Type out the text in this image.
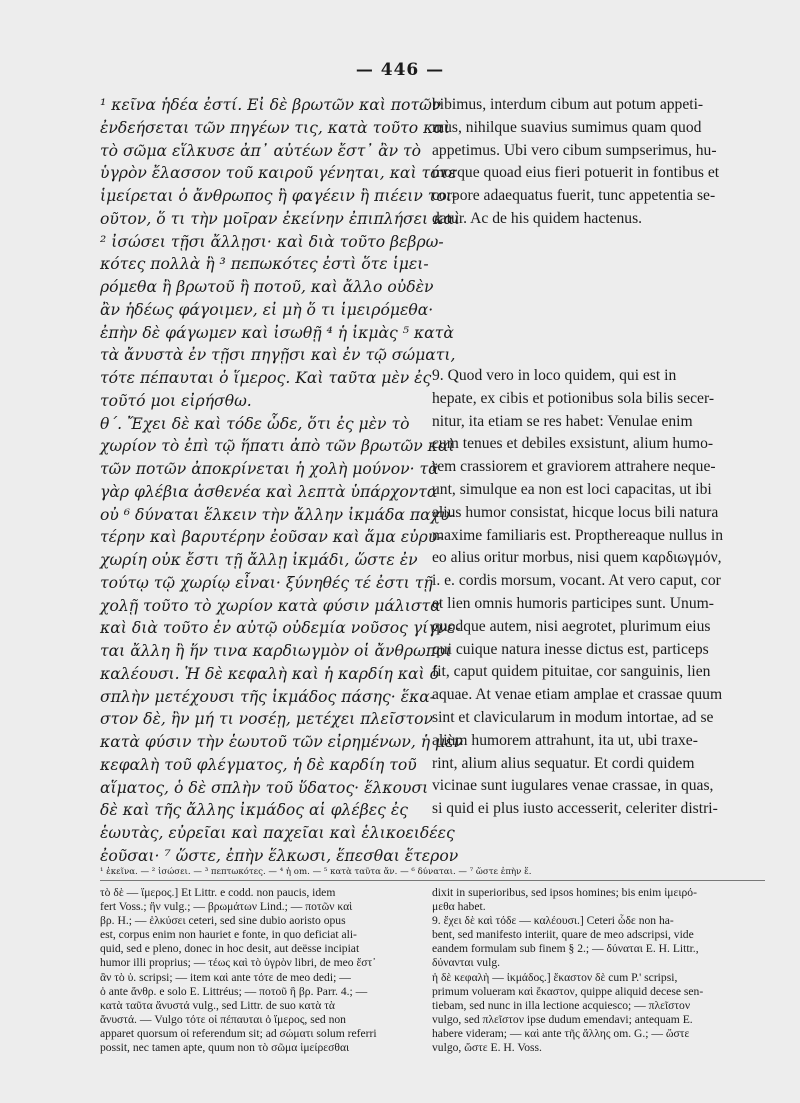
— 446 —
¹ κεῖνα ἡδέα ἐστί. Εἰ δὲ βρωτῶν καὶ ποτῶν
ἐνδεήσεται τῶν πηγέων τις, κατὰ τοῦτο καὶ
τὸ σῶμα εἵλκυσε ἀπ᾽ αὐτέων ἔστ᾽ ἂν τὸ
ὑγρὸν ἔλασσον τοῦ καιροῦ γένηται, καὶ τότε
ἱμείρεται ὁ ἄνθρωπος ἢ φαγέειν ἢ πιέειν τοι-
οῦτον, ὅ τι τὴν μοῖραν ἐκείνην ἐπιπλήσει καὶ
² ἰσώσει τῇσι ἄλλῃσι· καὶ διὰ τοῦτο βεβρω-
κότες πολλὰ ἢ ³ πεπωκότες ἐστὶ ὅτε ἱμει-
ρόμεθα ἢ βρωτοῦ ἢ ποτοῦ, καὶ ἄλλο οὐδὲν
ἂν ἡδέως φάγοιμεν, εἰ μὴ ὅ τι ἱμειρόμεθα·
ἐπὴν δὲ φάγωμεν καὶ ἰσωθῇ ⁴ ἡ ἰκμὰς ⁵ κατὰ
τὰ ἄνυστὰ ἐν τῇσι πηγῇσι καὶ ἐν τῷ σώματι,
τότε πέπαυται ὁ ἵμερος. Καὶ ταῦτα μὲν ἐς
τοῦτό μοι εἰρήσθω.
θ΄. Ἔχει δὲ καὶ τόδε ὧδε, ὅτι ἐς μὲν τὸ
χωρίον τὸ ἐπὶ τῷ ἥπατι ἀπὸ τῶν βρωτῶν καὶ
τῶν ποτῶν ἀποκρίνεται ἡ χολὴ μούνον· τὰ
γὰρ φλέβια ἀσθενέα καὶ λεπτὰ ὑπάρχοντα
οὐ ⁶ δύναται ἕλκειν τὴν ἄλλην ἰκμάδα παχυ-
τέρην καὶ βαρυτέρην ἐοῦσαν καὶ ἅμα εὐρυ-
χωρίη οὐκ ἔστι τῇ ἄλλῃ ἰκμάδι, ὥστε ἐν
τούτῳ τῷ χωρίῳ εἶναι· ξύνηθές τέ ἐστι τῇ
χολῇ τοῦτο τὸ χωρίον κατὰ φύσιν μάλιστα
καὶ διὰ τοῦτο ἐν αὐτῷ οὐδεμία νοῦσος γίγνε-
ται ἄλλη ἢ ἥν τινα καρδιωγμὸν οἱ ἄνθρωποι
καλέουσι. Ἡ δὲ κεφαλὴ καὶ ἡ καρδίη καὶ ὁ
σπλὴν μετέχουσι τῆς ἰκμάδος πάσης· ἕκα-
στον δὲ, ἢν μή τι νοσέῃ, μετέχει πλεῖστον
κατὰ φύσιν τὴν ἑωυτοῦ τῶν εἰρημένων, ἡ μὲν
κεφαλὴ τοῦ φλέγματος, ἡ δὲ καρδίη τοῦ
αἵματος, ὁ δὲ σπλὴν τοῦ ὕδατος· ἕλκουσι
δὲ καὶ τῆς ἄλλης ἰκμάδος αἱ φλέβες ἐς
ἑωυτὰς, εὐρεῖαι καὶ παχεῖαι καὶ ἑλικοειδέες
ἐοῦσαι· ⁷ ὥστε, ἐπὴν ἕλκωσι, ἕπεσθαι ἕτερον
bibimus, interdum cibum aut potum appeti-
mus, nihilque suavius sumimus quam quod
appetimus. Ubi vero cibum sumpserimus, hu-
morque quoad eius fieri potuerit in fontibus et
corpore adaequatus fuerit, tunc appetentia se-
datur. Ac de his quidem hactenus.
9. Quod vero in loco quidem, qui est in
hepate, ex cibis et potionibus sola bilis secer-
nitur, ita etiam se res habet: Venulae enim
cum tenues et debiles exsistunt, alium humo-
rem crassiorem et graviorem attrahere neque-
unt, simulque ea non est loci capacitas, ut ibi
alius humor consistat, hicque locus bili natura
maxime familiaris est. Propthereaque nullus in
eo alius oritur morbus, nisi quem καρδιωγμόν,
i. e. cordis morsum, vocant. At vero caput, cor
et lien omnis humoris participes sunt. Unum-
quodque autem, nisi aegrotet, plurimum eius
qui cuique natura inesse dictus est, particeps
fit, caput quidem pituitae, cor sanguinis, lien
aquae. At venae etiam amplae et crassae quum
sint et clavicularum in modum intortae, ad se
alium humorem attrahunt, ita ut, ubi traxe-
rint, alium alius sequatur. Et cordi quidem
vicinae sunt iugulares venae crassae, in quas,
si quid ei plus iusto accesserit, celeriter distri-
¹ ἐκεῖνα. — ² ἰσώσει. — ³ πεπτωκότες. — ⁴ ἡ om. — ⁵ κατὰ ταῦτα ἄν. — ⁶ δύναται. — ⁷ ὥστε ἐπὴν ἕ.
τὸ δὲ — ἵμερος.] Et Littr. e codd. non paucis, idem
fert Voss.; ἣν vulg.; — βρωμάτων Lind.; — ποτῶν καὶ
βρ. H.; — ἑλκύσει ceteri, sed sine dubio aoristo opus
est, corpus enim non hauriet e fonte, in quo deficiat ali-
quid, sed e pleno, donec in hoc desit, aut deësse incipiat
humor illi proprius; — τέως καὶ τὸ ὑγρὸν libri, de meo ἔστ᾽
ἂν τὸ ὑ. scripsi; — item καὶ ante τότε de meo dedi; —
ὁ ante ἄνθρ. e solo E. Littréus; — ποτοῦ ἢ βρ. Parr. 4.; —
κατὰ ταῦτα ἄνυστά vulg., sed Littr. de suo κατὰ τὰ
ἄνυστά. — Vulgo τότε οἱ πέπαυται ὁ ἵμερος, sed non
apparet quorsum οἱ referendum sit; ad σώματι solum referri
possit, nec tamen apte, quum non τὸ σῶμα ἱμείρεσθαι
dixit in superioribus, sed ipsos homines; bis enim ἱμειρό-
μεθα habet.
9. ἔχει δὲ καὶ τόδε — καλέουσι.] Ceteri ὧδε non ha-
bent, sed manifesto interiit, quare de meo adscripsi, vide
eandem formulam sub finem § 2.; — δύναται E. H. Littr.,
δύνανται vulg.
ἡ δὲ κεφαλὴ — ἰκμάδος.] ἕκαστον δὲ cum P.' scripsi,
primum volueram καὶ ἕκαστον, quippe aliquid decese sen-
tiebam, sed nunc in illa lectione acquiesco; — πλεῖστον
vulgo, sed πλεῖστον ipse dudum emendavi; antequam E.
habere videram; — καὶ ante τῆς ἄλλης om. G.; — ὥστε
vulgo, ὥστε E. H. Voss.
